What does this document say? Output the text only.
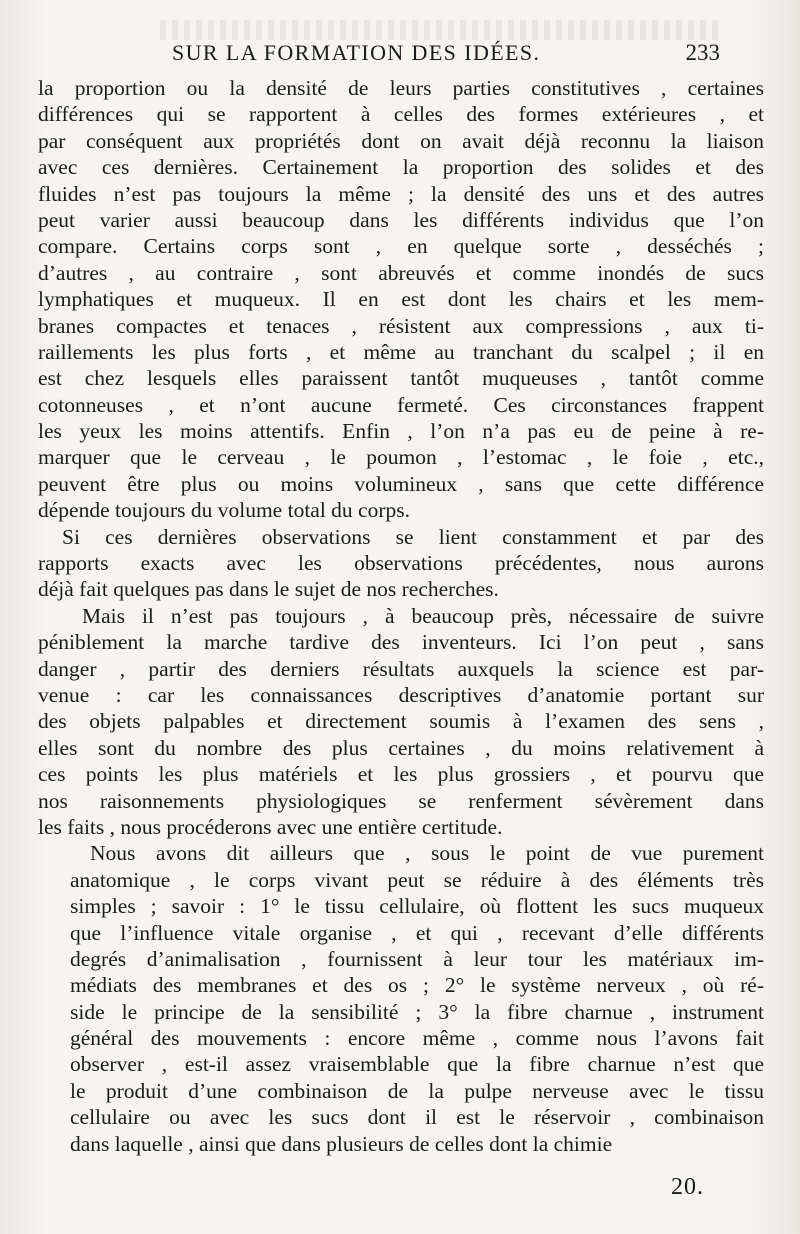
SUR LA FORMATION DES IDÉES.	233
la proportion ou la densité de leurs parties constitutives , certaines
différences qui se rapportent à celles des formes extérieures , et
par conséquent aux propriétés dont on avait déjà reconnu la liaison
avec ces dernières. Certainement la proportion des solides et des
fluides n’est pas toujours la même ; la densité des uns et des autres
peut varier aussi beaucoup dans les différents individus que l’on
compare. Certains corps sont , en quelque sorte , desséchés ;
d’autres , au contraire , sont abreuvés et comme inondés de sucs
lymphatiques et muqueux. Il en est dont les chairs et les mem-
branes compactes et tenaces , résistent aux compressions , aux ti-
raillements les plus forts , et même au tranchant du scalpel ; il en
est chez lesquels elles paraissent tantôt muqueuses , tantôt comme
cotonneuses , et n’ont aucune fermeté. Ces circonstances frappent
les yeux les moins attentifs. Enfin , l’on n’a pas eu de peine à re-
marquer que le cerveau , le poumon , l’estomac , le foie , etc.,
peuvent être plus ou moins volumineux , sans que cette différence
dépende toujours du volume total du corps.
Si ces dernières observations se lient constamment et par des
rapports exacts avec les observations précédentes, nous aurons
déjà fait quelques pas dans le sujet de nos recherches.
Mais il n’est pas toujours , à beaucoup près, nécessaire de suivre
péniblement la marche tardive des inventeurs. Ici l’on peut , sans
danger , partir des derniers résultats auxquels la science est par-
venue : car les connaissances descriptives d’anatomie portant sur
des objets palpables et directement soumis à l’examen des sens ,
elles sont du nombre des plus certaines , du moins relativement à
ces points les plus matériels et les plus grossiers , et pourvu que
nos raisonnements physiologiques se renferment sévèrement dans
les faits , nous procéderons avec une entière certitude.
Nous avons dit ailleurs que , sous le point de vue purement
anatomique , le corps vivant peut se réduire à des éléments très
simples ; savoir : 1° le tissu cellulaire, où flottent les sucs muqueux
que l’influence vitale organise , et qui , recevant d’elle différents
degrés d’animalisation , fournissent à leur tour les matériaux im-
médiats des membranes et des os ; 2° le système nerveux , où ré-
side le principe de la sensibilité ; 3° la fibre charnue , instrument
général des mouvements : encore même , comme nous l’avons fait
observer , est-il assez vraisemblable que la fibre charnue n’est que
le produit d’une combinaison de la pulpe nerveuse avec le tissu
cellulaire ou avec les sucs dont il est le réservoir , combinaison
dans laquelle , ainsi que dans plusieurs de celles dont la chimie
20.
